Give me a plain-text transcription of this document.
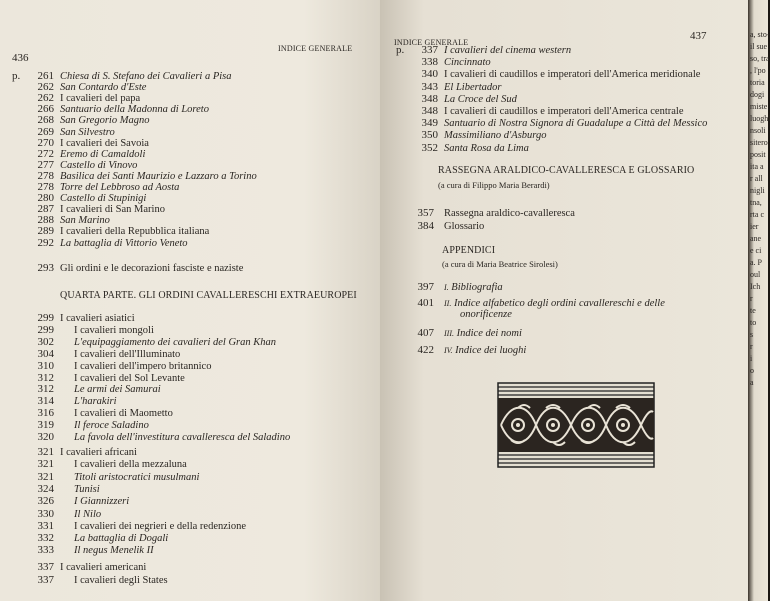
436
INDICE GENERALE
p.	261 Chiesa di S. Stefano dei Cavalieri a Pisa
262 San Contardo d'Este
262 I cavalieri del papa
266 Santuario della Madonna di Loreto
268 San Gregorio Magno
269 San Silvestro
270 I cavalieri dei Savoia
272 Eremo di Camaldoli
277 Castello di Vinovo
278 Basilica dei Santi Maurizio e Lazzaro a Torino
278 Torre del Lebbroso ad Aosta
280 Castello di Stupinigi
287 I cavalieri di San Marino
288 San Marino
289 I cavalieri della Repubblica italiana
292 La battaglia di Vittorio Veneto
293 Gli ordini e le decorazioni fasciste e naziste
QUARTA PARTE. GLI ORDINI CAVALLERESCHI EXTRAEUROPEI
299 I cavalieri asiatici
299 I cavalieri mongoli
302 L'equipaggiamento dei cavalieri del Gran Khan
304 I cavalieri dell'Illuminato
310 I cavalieri dell'impero britannico
312 I cavalieri del Sol Levante
312 Le armi dei Samurai
314 L'harakiri
316 I cavalieri di Maometto
319 Il feroce Saladino
320 La favola dell'investitura cavalleresca del Saladino
321 I cavalieri africani
321 I cavalieri della mezzaluna
321 Titoli aristocratici musulmani
324 Tunisi
326 I Giannizzeri
330 Il Nilo
331 I cavalieri dei negrieri e della redenzione
332 La battaglia di Dogali
333 Il negus Menelik II
337 I cavalieri americani
337 I cavalieri degli States
INDICE GENERALE
437
p.	337 I cavalieri del cinema western
338 Cincinnato
340 I cavalieri di caudillos e imperatori dell'America meridionale
343 El Libertador
348 La Croce del Sud
348 I cavalieri di caudillos e imperatori dell'America centrale
349 Santuario di Nostra Signora di Guadalupe a Città del Messico
350 Massimiliano d'Asburgo
352 Santa Rosa da Lima
RASSEGNA ARALDICO-CAVALLERESCA E GLOSSARIO
(a cura di Filippo Maria Berardi)
357 Rassegna araldico-cavalleresca
384 Glossario
APPENDICI
(a cura di Maria Beatrice Sirolesi)
397 I. Bibliografia
401 II. Indice alfabetico degli ordini cavallereschi e delle
onorificenze
407 III. Indice dei nomi
422 IV. Indice dei luoghi
a, sto-
il sue
so, tra
, l'po
toria
dogi
miste
luoghi
nsoli
sitero
posit
ita a
r all
nigli
tna,
rta c
ier
ane
e ci
a. P
oul
Ich
r
te
to
s
r
i
o
a
